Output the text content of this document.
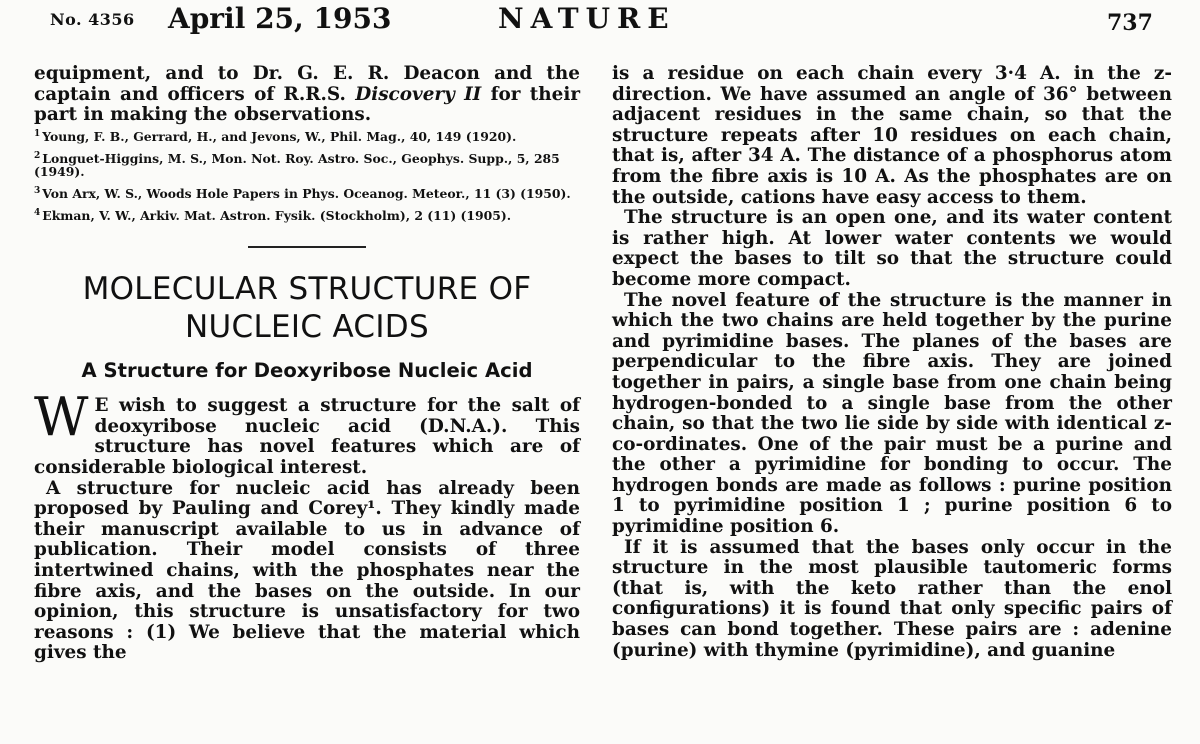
No. 4356 April 25, 1953	NATURE	737

equipment, and to Dr. G. E. R. Deacon and the captain and officers of R.R.S. Discovery II for their part in making the observations.

$^1$ Young, F. B., Gerrard, H., and Jevons, W., Phil. Mag., 40, 149 (1920).
$^2$ Longuet-Higgins, M. S., Mon. Not. Roy. Astro. Soc., Geophys. Supp., 5, 285 (1949).
$^3$ Von Arx, W. S., Woods Hole Papers in Phys. Oceanog. Meteor., 11 (3) (1950).
$^4$ Ekman, V. W., Arkiv. Mat. Astron. Fysik. (Stockholm), 2 (11) (1905).
MOLECULAR STRUCTURE OF
NUCLEIC ACIDS
A Structure for Deoxyribose Nucleic Acid

W E wish to suggest a structure for the salt of deoxyribose nucleic acid (D.N.A.). This structure has novel features which are of considerable biological interest.

A structure for nucleic acid has already been proposed by Pauling and Corey¹. They kindly made their manuscript available to us in advance of publication. Their model consists of three intertwined chains, with the phosphates near the fibre axis, and the bases on the outside. In our opinion, this structure is unsatisfactory for two reasons : (1) We believe that the material which gives the

is a residue on each chain every 3·4 A. in the z-direction. We have assumed an angle of 36° between adjacent residues in the same chain, so that the structure repeats after 10 residues on each chain, that is, after 34 A. The distance of a phosphorus atom from the fibre axis is 10 A. As the phosphates are on the outside, cations have easy access to them.

The structure is an open one, and its water content is rather high. At lower water contents we would expect the bases to tilt so that the structure could become more compact.

The novel feature of the structure is the manner in which the two chains are held together by the purine and pyrimidine bases. The planes of the bases are perpendicular to the fibre axis. They are joined together in pairs, a single base from one chain being hydrogen-bonded to a single base from the other chain, so that the two lie side by side with identical z-co-ordinates. One of the pair must be a purine and the other a pyrimidine for bonding to occur. The hydrogen bonds are made as follows : purine position 1 to pyrimidine position 1 ; purine position 6 to pyrimidine position 6.

If it is assumed that the bases only occur in the structure in the most plausible tautomeric forms (that is, with the keto rather than the enol configurations) it is found that only specific pairs of bases can bond together. These pairs are : adenine (purine) with thymine (pyrimidine), and guanine
